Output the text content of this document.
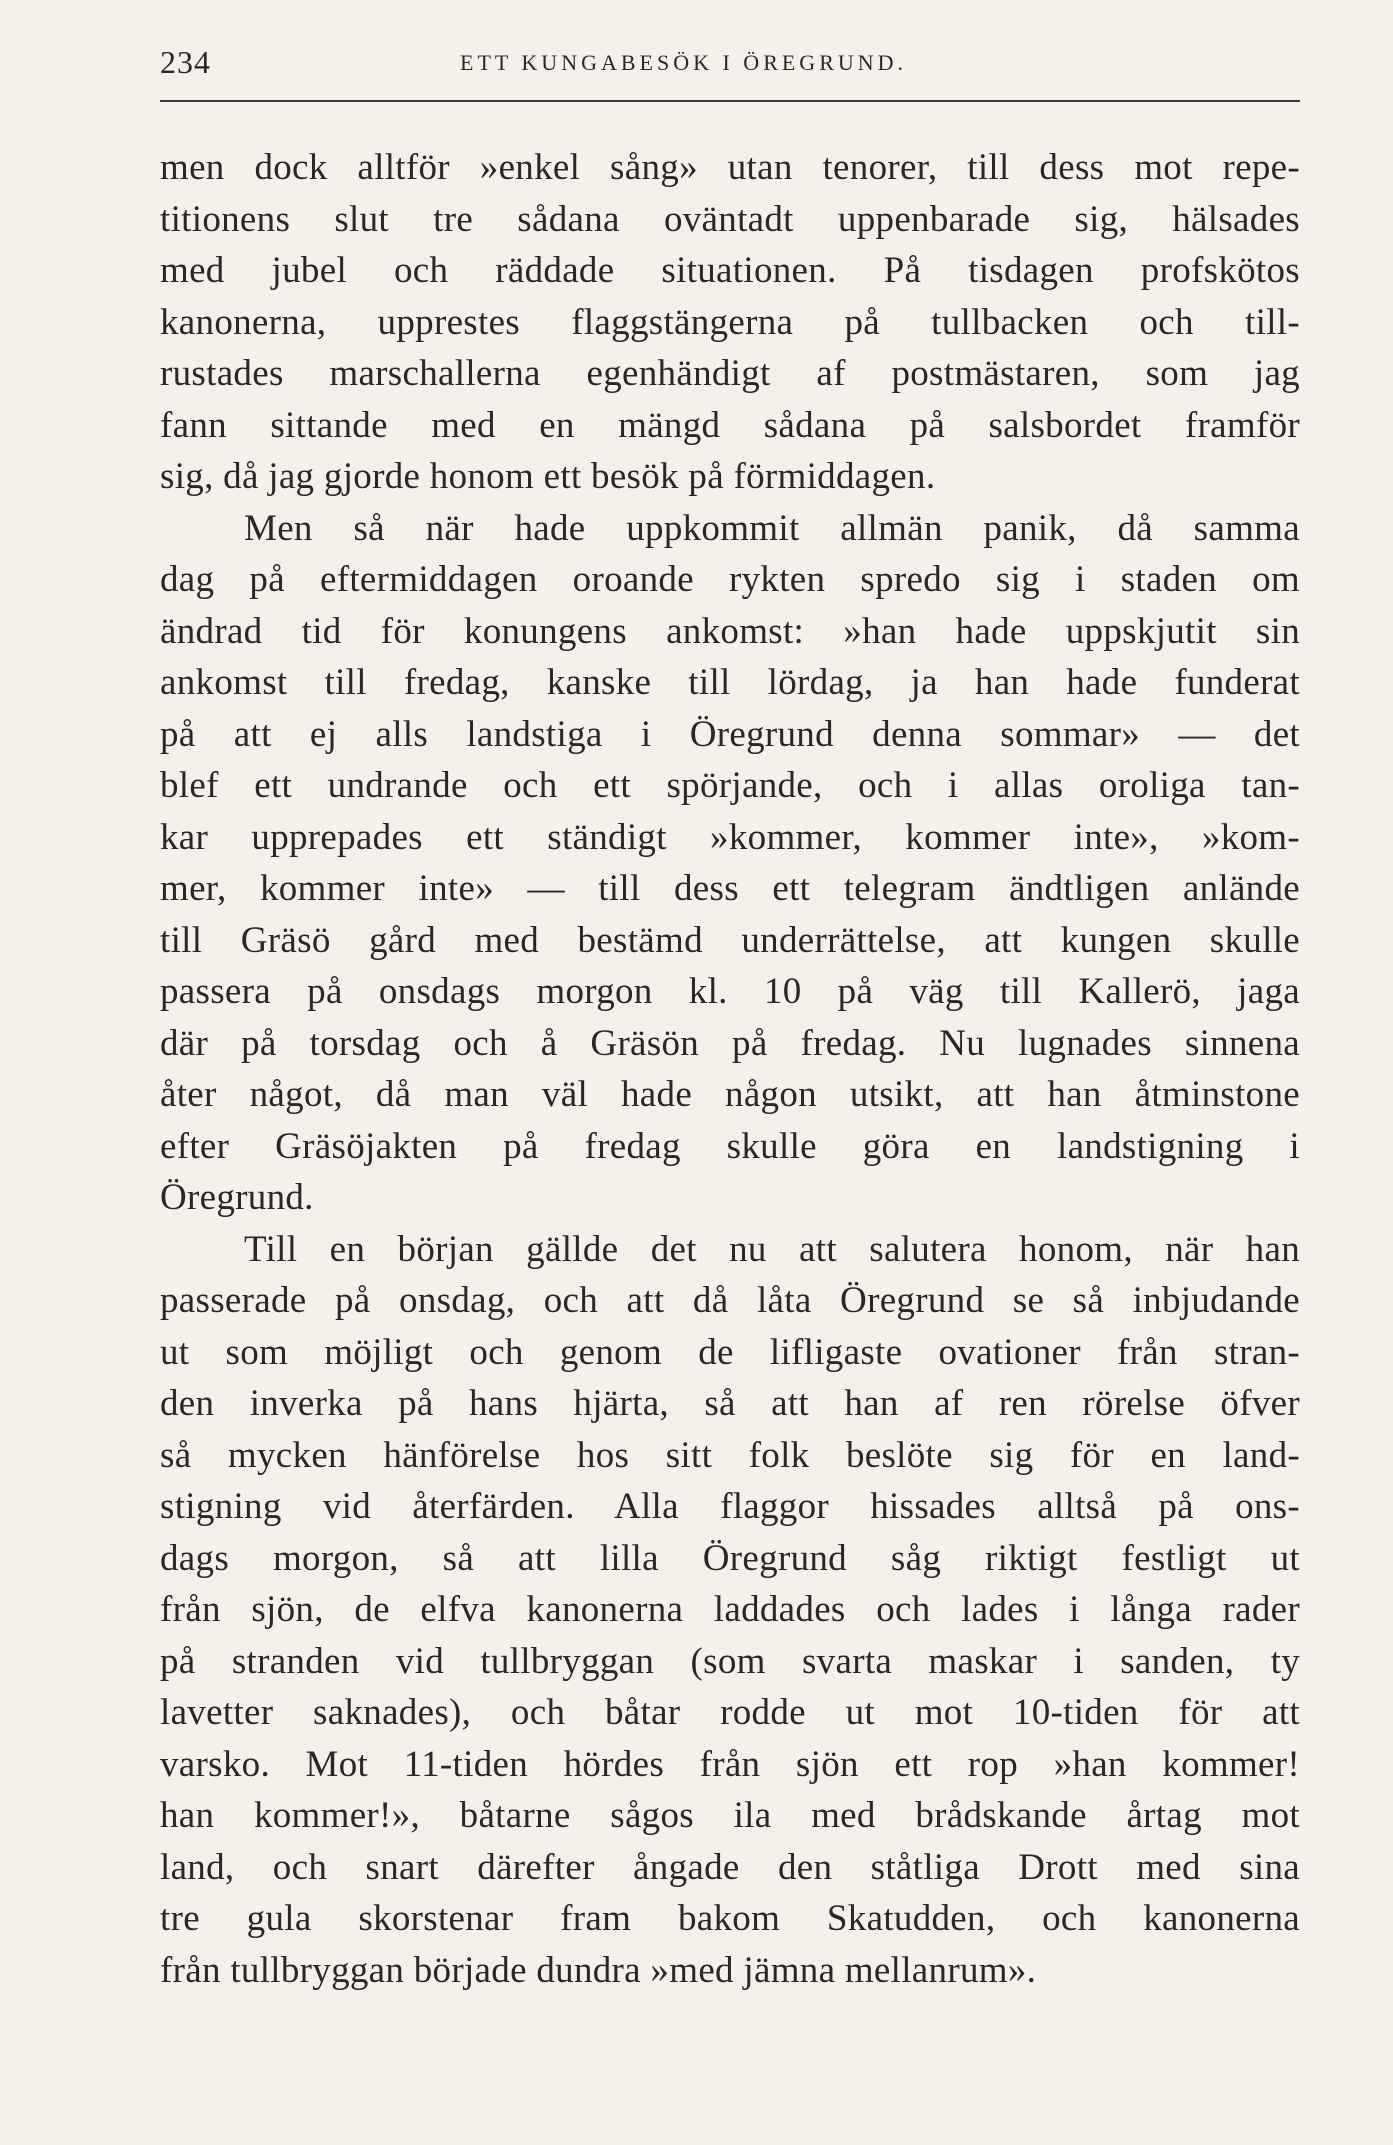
234	ETT KUNGABESÖK I ÖREGRUND.
men dock alltför »enkel sång» utan tenorer, till dess mot repe-
titionens slut tre sådana oväntadt uppenbarade sig, hälsades
med jubel och räddade situationen. På tisdagen profskötos
kanonerna, upprestes flaggstängerna på tullbacken och till-
rustades marschallerna egenhändigt af postmästaren, som jag
fann sittande med en mängd sådana på salsbordet framför
sig, då jag gjorde honom ett besök på förmiddagen.
Men så när hade uppkommit allmän panik, då samma
dag på eftermiddagen oroande rykten spredo sig i staden om
ändrad tid för konungens ankomst: »han hade uppskjutit sin
ankomst till fredag, kanske till lördag, ja han hade funderat
på att ej alls landstiga i Öregrund denna sommar» — det
blef ett undrande och ett spörjande, och i allas oroliga tan-
kar upprepades ett ständigt »kommer, kommer inte», »kom-
mer, kommer inte» — till dess ett telegram ändtligen anlände
till Gräsö gård med bestämd underrättelse, att kungen skulle
passera på onsdags morgon kl. 10 på väg till Kallerö, jaga
där på torsdag och å Gräsön på fredag. Nu lugnades sinnena
åter något, då man väl hade någon utsikt, att han åtminstone
efter Gräsöjakten på fredag skulle göra en landstigning i
Öregrund.
Till en början gällde det nu att salutera honom, när han
passerade på onsdag, och att då låta Öregrund se så inbjudande
ut som möjligt och genom de lifligaste ovationer från stran-
den inverka på hans hjärta, så att han af ren rörelse öfver
så mycken hänförelse hos sitt folk beslöte sig för en land-
stigning vid återfärden. Alla flaggor hissades alltså på ons-
dags morgon, så att lilla Öregrund såg riktigt festligt ut
från sjön, de elfva kanonerna laddades och lades i långa rader
på stranden vid tullbryggan (som svarta maskar i sanden, ty
lavetter saknades), och båtar rodde ut mot 10-tiden för att
varsko. Mot 11-tiden hördes från sjön ett rop »han kommer!
han kommer!», båtarne sågos ila med brådskande årtag mot
land, och snart därefter ångade den ståtliga Drott med sina
tre gula skorstenar fram bakom Skatudden, och kanonerna
från tullbryggan började dundra »med jämna mellanrum».
